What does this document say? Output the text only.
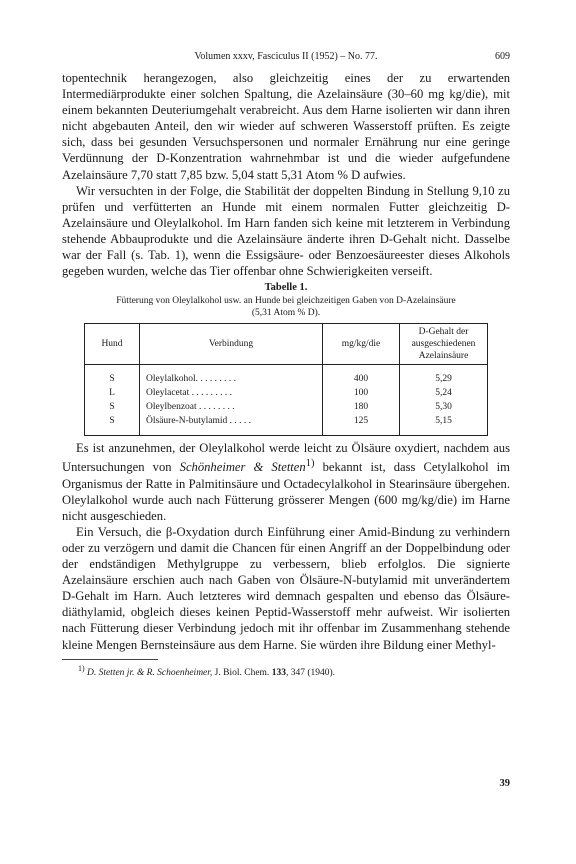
Volumen xxxv, Fasciculus II (1952) – No. 77.	609

topentechnik herangezogen, also gleichzeitig eines der zu erwartenden Intermediärprodukte einer solchen Spaltung, die Azelainsäure (30–60 mg kg/die), mit einem bekannten Deuteriumgehalt verabreicht. Aus dem Harne isolierten wir dann ihren nicht abgebauten Anteil, den wir wieder auf schweren Wasserstoff prüften. Es zeigte sich, dass bei gesunden Versuchspersonen und normaler Ernährung nur eine geringe Verdünnung der D-Konzentration wahrnehmbar ist und die wieder aufgefundene Azelainsäure 7,70 statt 7,85 bzw. 5,04 statt 5,31 Atom % D aufwies.

Wir versuchten in der Folge, die Stabilität der doppelten Bindung in Stellung 9,10 zu prüfen und verfütterten an Hunde mit einem normalen Futter gleichzeitig D-Azelainsäure und Oleylalkohol. Im Harn fanden sich keine mit letzterem in Verbindung stehende Abbauprodukte und die Azelainsäure änderte ihren D-Gehalt nicht. Dasselbe war der Fall (s. Tab. 1), wenn die Essigsäure- oder Benzoesäureester dieses Alkohols gegeben wurden, welche das Tier offenbar ohne Schwierigkeiten verseift.

Tabelle 1.
Fütterung von Oleylalkohol usw. an Hunde bei gleichzeitigen Gaben von D-Azelainsäure
(5,31 Atom % D).
Hund	Verbindung	mg/kg/die	D-Gehalt der
ausgeschiedenen
Azelainsäure
S	Oleylalkohol. . . . . . . . .	400	5,29
L	Oleylacetat . . . . . . . . .	100	5,24
S	Oleylbenzoat . . . . . . . .	180	5,30
S	Ölsäure-N-butylamid . . . . .	125	5,15

Es ist anzunehmen, der Oleylalkohol werde leicht zu Ölsäure oxydiert, nachdem aus Untersuchungen von Schönheimer & Stetten$^{1)}$ bekannt ist, dass Cetylalkohol im Organismus der Ratte in Palmitinsäure und Octadecylalkohol in Stearinsäure übergehen. Oleylalkohol wurde auch nach Fütterung grösserer Mengen (600 mg/kg/die) im Harne nicht ausgeschieden.

Ein Versuch, die β-Oxydation durch Einführung einer Amid-Bindung zu verhindern oder zu verzögern und damit die Chancen für einen Angriff an der Doppelbindung oder der endständigen Methylgruppe zu verbessern, blieb erfolglos. Die signierte Azelainsäure erschien auch nach Gaben von Ölsäure-N-butylamid mit unverändertem D-Gehalt im Harn. Auch letzteres wird demnach gespalten und ebenso das Ölsäure-diäthylamid, obgleich dieses keinen Peptid-Wasserstoff mehr aufweist. Wir isolierten nach Fütterung dieser Verbindung jedoch mit ihr offenbar im Zusammenhang stehende kleine Mengen Bernsteinsäure aus dem Harne. Sie würden ihre Bildung einer Methyl-

$^{1)}$ D. Stetten jr. & R. Schoenheimer, J. Biol. Chem. 133, 347 (1940).
39
